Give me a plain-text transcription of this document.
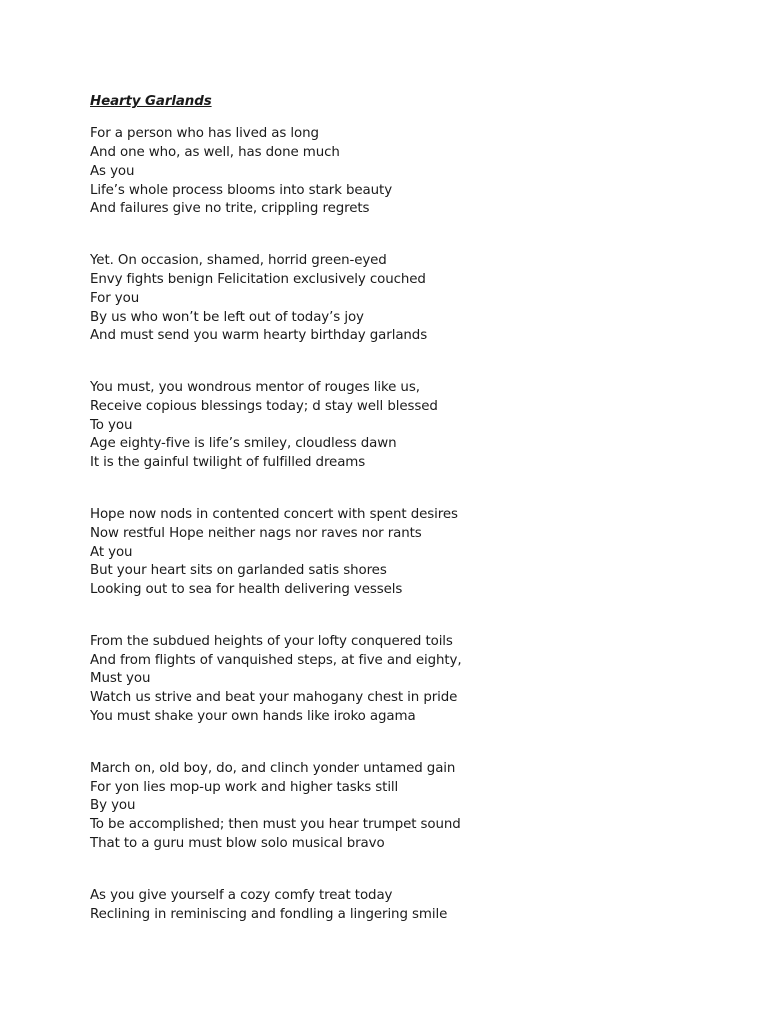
Hearty Garlands
For a person who has lived as long
And one who, as well, has done much
As you
Life’s whole process blooms into stark beauty
And failures give no trite, crippling regrets
Yet. On occasion, shamed, horrid green-eyed
Envy fights benign Felicitation exclusively couched
For you
By us who won’t be left out of today’s joy
And must send you warm hearty birthday garlands
You must, you wondrous mentor of rouges like us,
Receive copious blessings today; d stay well blessed
To you
Age eighty-five is life’s smiley, cloudless dawn
It is the gainful twilight of fulfilled dreams
Hope now nods in contented concert with spent desires
Now restful Hope neither nags nor raves nor rants
At you
But your heart sits on garlanded satis shores
Looking out to sea for health delivering vessels
From the subdued heights of your lofty conquered toils
And from flights of vanquished steps, at five and eighty,
Must you
Watch us strive and beat your mahogany chest in pride
You must shake your own hands like iroko agama
March on, old boy, do, and clinch yonder untamed gain
For yon lies mop-up work and higher tasks still
By you
To be accomplished; then must you hear trumpet sound
That to a guru must blow solo musical bravo
As you give yourself a cozy comfy treat today
Reclining in reminiscing and fondling a lingering smile
